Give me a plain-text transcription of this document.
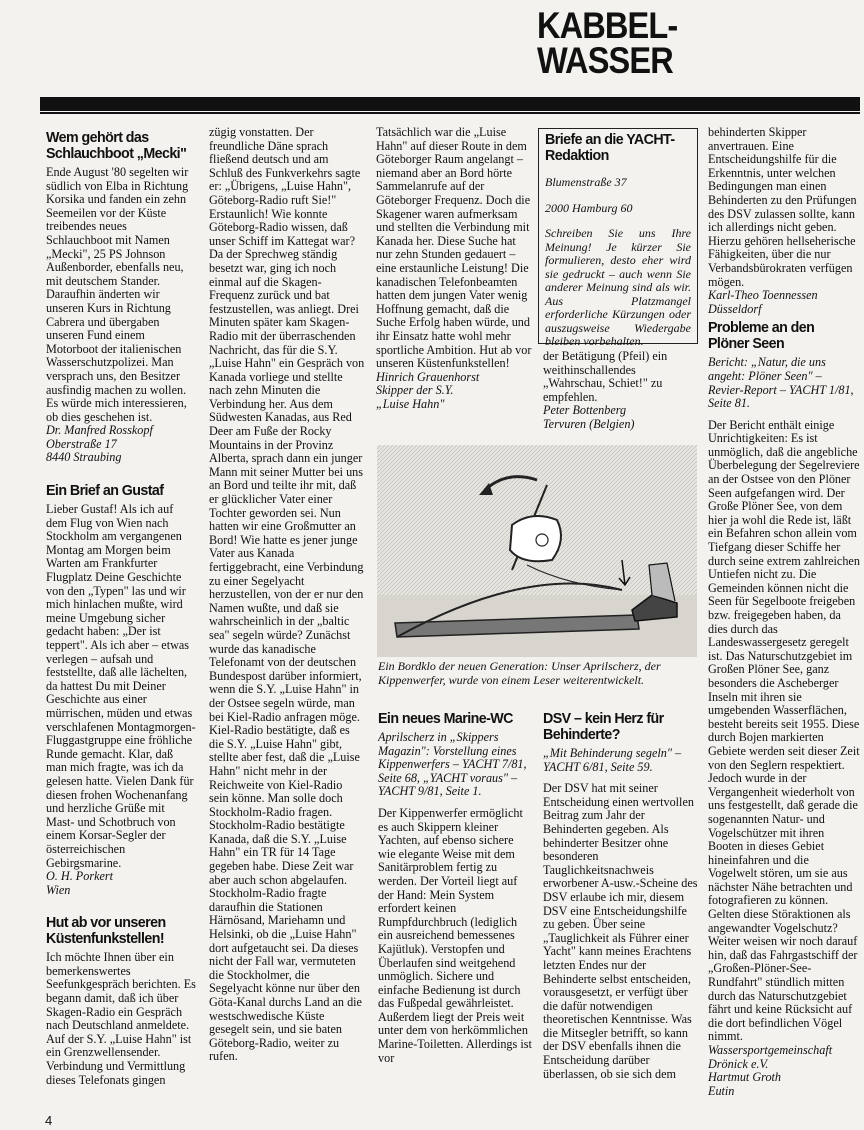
KABBEL-
WASSER
Wem gehört das Schlauchboot „Mecki"

Ende August '80 segelten wir südlich von Elba in Richtung Korsika und fanden ein zehn Seemeilen vor der Küste treibendes neues Schlauchboot mit Namen „Mecki", 25 PS Johnson Außenborder, ebenfalls neu, mit deutschem Stander. Daraufhin änderten wir unseren Kurs in Richtung Cabrera und übergaben unseren Fund einem Motorboot der italienischen Wasserschutzpolizei. Man versprach uns, den Besitzer ausfindig machen zu wollen. Es würde mich interessieren, ob dies geschehen ist.

Dr. Manfred Rosskopf

Oberstraße 17

8440 Straubing

Ein Brief an Gustaf

Lieber Gustaf! Als ich auf dem Flug von Wien nach Stockholm am vergangenen Montag am Morgen beim Warten am Frankfurter Flugplatz Deine Geschichte von den „Typen" las und wir mich hinlachen mußte, wird meine Umgebung sicher gedacht haben: „Der ist teppert". Als ich aber – etwas verlegen – aufsah und feststellte, daß alle lächelten, da hattest Du mit Deiner Geschichte aus einer mürrischen, müden und etwas verschlafenen Montagmorgen-Fluggastgruppe eine fröhliche Runde gemacht. Klar, daß man mich fragte, was ich da gelesen hatte. Vielen Dank für diesen frohen Wochenanfang und herzliche Grüße mit Mast- und Schotbruch von einem Korsar-Segler der österreichischen Gebirgsmarine.

O. H. Porkert

Wien

Hut ab vor unseren Küstenfunkstellen!

Ich möchte Ihnen über ein bemerkenswertes Seefunkgespräch berichten. Es begann damit, daß ich über Skagen-Radio ein Gespräch nach Deutschland anmeldete. Auf der S.Y. „Luise Hahn" ist ein Grenzwellensender. Verbindung und Vermittlung dieses Telefonats gingen

zügig vonstatten. Der freundliche Däne sprach fließend deutsch und am Schluß des Funkverkehrs sagte er: „Übrigens, „Luise Hahn", Göteborg-Radio ruft Sie!" Erstaunlich! Wie konnte Göteborg-Radio wissen, daß unser Schiff im Kattegat war? Da der Sprechweg ständig besetzt war, ging ich noch einmal auf die Skagen-Frequenz zurück und bat festzustellen, was anliegt. Drei Minuten später kam Skagen-Radio mit der überraschenden Nachricht, das für die S.Y. „Luise Hahn" ein Gespräch von Kanada vorliege und stellte nach zehn Minuten die Verbindung her. Aus dem Südwesten Kanadas, aus Red Deer am Fuße der Rocky Mountains in der Provinz Alberta, sprach dann ein junger Mann mit seiner Mutter bei uns an Bord und teilte ihr mit, daß er glücklicher Vater einer Tochter geworden sei. Nun hatten wir eine Großmutter an Bord! Wie hatte es jener junge Vater aus Kanada fertiggebracht, eine Verbindung zu einer Segelyacht herzustellen, von der er nur den Namen wußte, und daß sie wahrscheinlich in der „baltic sea" segeln würde? Zunächst wurde das kanadische Telefonamt von der deutschen Bundespost darüber informiert, wenn die S.Y. „Luise Hahn" in der Ostsee segeln würde, man bei Kiel-Radio anfragen möge. Kiel-Radio bestätigte, daß es die S.Y. „Luise Hahn" gibt, stellte aber fest, daß die „Luise Hahn" nicht mehr in der Reichweite von Kiel-Radio sein könne. Man solle doch Stockholm-Radio fragen. Stockholm-Radio bestätigte Kanada, daß die S.Y. „Luise Hahn" ein TR für 14 Tage gegeben habe. Diese Zeit war aber auch schon abgelaufen. Stockholm-Radio fragte daraufhin die Stationen Härnösand, Mariehamn und Helsinki, ob die „Luise Hahn" dort aufgetaucht sei. Da dieses nicht der Fall war, vermuteten die Stockholmer, die Segelyacht könne nur über den Göta-Kanal durchs Land an die westschwedische Küste gesegelt sein, und sie baten Göteborg-Radio, weiter zu rufen.

Tatsächlich war die „Luise Hahn" auf dieser Route in dem Göteborger Raum angelangt – niemand aber an Bord hörte Sammelanrufe auf der Göteborger Frequenz. Doch die Skagener waren aufmerksam und stellten die Verbindung mit Kanada her. Diese Suche hat nur zehn Stunden gedauert – eine erstaunliche Leistung! Die kanadischen Telefonbeamten hatten dem jungen Vater wenig Hoffnung gemacht, daß die Suche Erfolg haben würde, und ihr Einsatz hatte wohl mehr sportliche Ambition. Hut ab vor unseren Küstenfunkstellen!

Hinrich Grauenhorst

Skipper der S.Y.

„Luise Hahn"

Briefe an die YACHT-Redaktion

Blumenstraße 37

2000 Hamburg 60

Schreiben Sie uns Ihre Meinung! Je kürzer Sie formulieren, desto eher wird sie gedruckt – auch wenn Sie anderer Meinung sind als wir. Aus Platzmangel erforderliche Kürzungen oder auszugsweise Wiedergabe bleiben vorbehalten.

der Betätigung (Pfeil) ein weithinschallendes „Wahrschau, Schiet!" zu empfehlen.

Peter Bottenberg

Tervuren (Belgien)

Ein Bordklo der neuen Generation: Unser Aprilscherz, der Kippenwerfer, wurde von einem Leser weiterentwickelt.
Ein neues Marine-WC

Aprilscherz in „Skippers Magazin": Vorstellung eines Kippenwerfers – YACHT 7/81, Seite 68, „YACHT voraus" – YACHT 9/81, Seite 1.

Der Kippenwerfer ermöglicht es auch Skippern kleiner Yachten, auf ebenso sichere wie elegante Weise mit dem Sanitärproblem fertig zu werden. Der Vorteil liegt auf der Hand: Mein System erfordert keinen Rumpfdurchbruch (lediglich ein ausreichend bemessenes Kajütluk). Verstopfen und Überlaufen sind weitgehend unmöglich. Sichere und einfache Bedienung ist durch das Fußpedal gewährleistet. Außerdem liegt der Preis weit unter dem von herkömmlichen Marine-Toiletten. Allerdings ist vor

DSV – kein Herz für Behinderte?

„Mit Behinderung segeln" – YACHT 6/81, Seite 59.

Der DSV hat mit seiner Entscheidung einen wertvollen Beitrag zum Jahr der Behinderten gegeben. Als behinderter Besitzer ohne besonderen Tauglichkeitsnachweis erworbener A-usw.-Scheine des DSV erlaube ich mir, diesem DSV eine Entscheidungshilfe zu geben. Über seine „Tauglichkeit als Führer einer Yacht" kann meines Erachtens letzten Endes nur der Behinderte selbst entscheiden, vorausgesetzt, er verfügt über die dafür notwendigen theoretischen Kenntnisse. Was die Mitsegler betrifft, so kann der DSV ebenfalls ihnen die Entscheidung darüber überlassen, ob sie sich dem

behinderten Skipper anvertrauen. Eine Entscheidungshilfe für die Erkenntnis, unter welchen Bedingungen man einen Behinderten zu den Prüfungen des DSV zulassen sollte, kann ich allerdings nicht geben. Hierzu gehören hellseherische Fähigkeiten, über die nur Verbandsbürokraten verfügen mögen.

Karl-Theo Toennessen

Düsseldorf

Probleme an den Plöner Seen

Bericht: „Natur, die uns angeht: Plöner Seen" – Revier-Report – YACHT 1/81, Seite 81.

Der Bericht enthält einige Unrichtigkeiten: Es ist unmöglich, daß die angebliche Überbelegung der Segelreviere an der Ostsee von den Plöner Seen aufgefangen wird. Der Große Plöner See, von dem hier ja wohl die Rede ist, läßt ein Befahren schon allein vom Tiefgang dieser Schiffe her durch seine extrem zahlreichen Untiefen nicht zu. Die Gemeinden können nicht die Seen für Segelboote freigeben bzw. freigegeben haben, da dies durch das Landeswassergesetz geregelt ist. Das Naturschutzgebiet im Großen Plöner See, ganz besonders die Ascheberger Inseln mit ihren sie umgebenden Wasserflächen, besteht bereits seit 1955. Diese durch Bojen markierten Gebiete werden seit dieser Zeit von den Seglern respektiert. Jedoch wurde in der Vergangenheit wiederholt von uns festgestellt, daß gerade die sogenannten Natur- und Vogelschützer mit ihren Booten in dieses Gebiet hineinfahren und die Vogelwelt stören, um sie aus nächster Nähe betrachten und fotografieren zu können. Gelten diese Störaktionen als angewandter Vogelschutz? Weiter weisen wir noch darauf hin, daß das Fahrgastschiff der „Großen-Plöner-See-Rundfahrt" stündlich mitten durch das Naturschutzgebiet fährt und keine Rücksicht auf die dort befindlichen Vögel nimmt.

Wassersportgemeinschaft

Drönick e.V.

Hartmut Groth

Eutin

4
